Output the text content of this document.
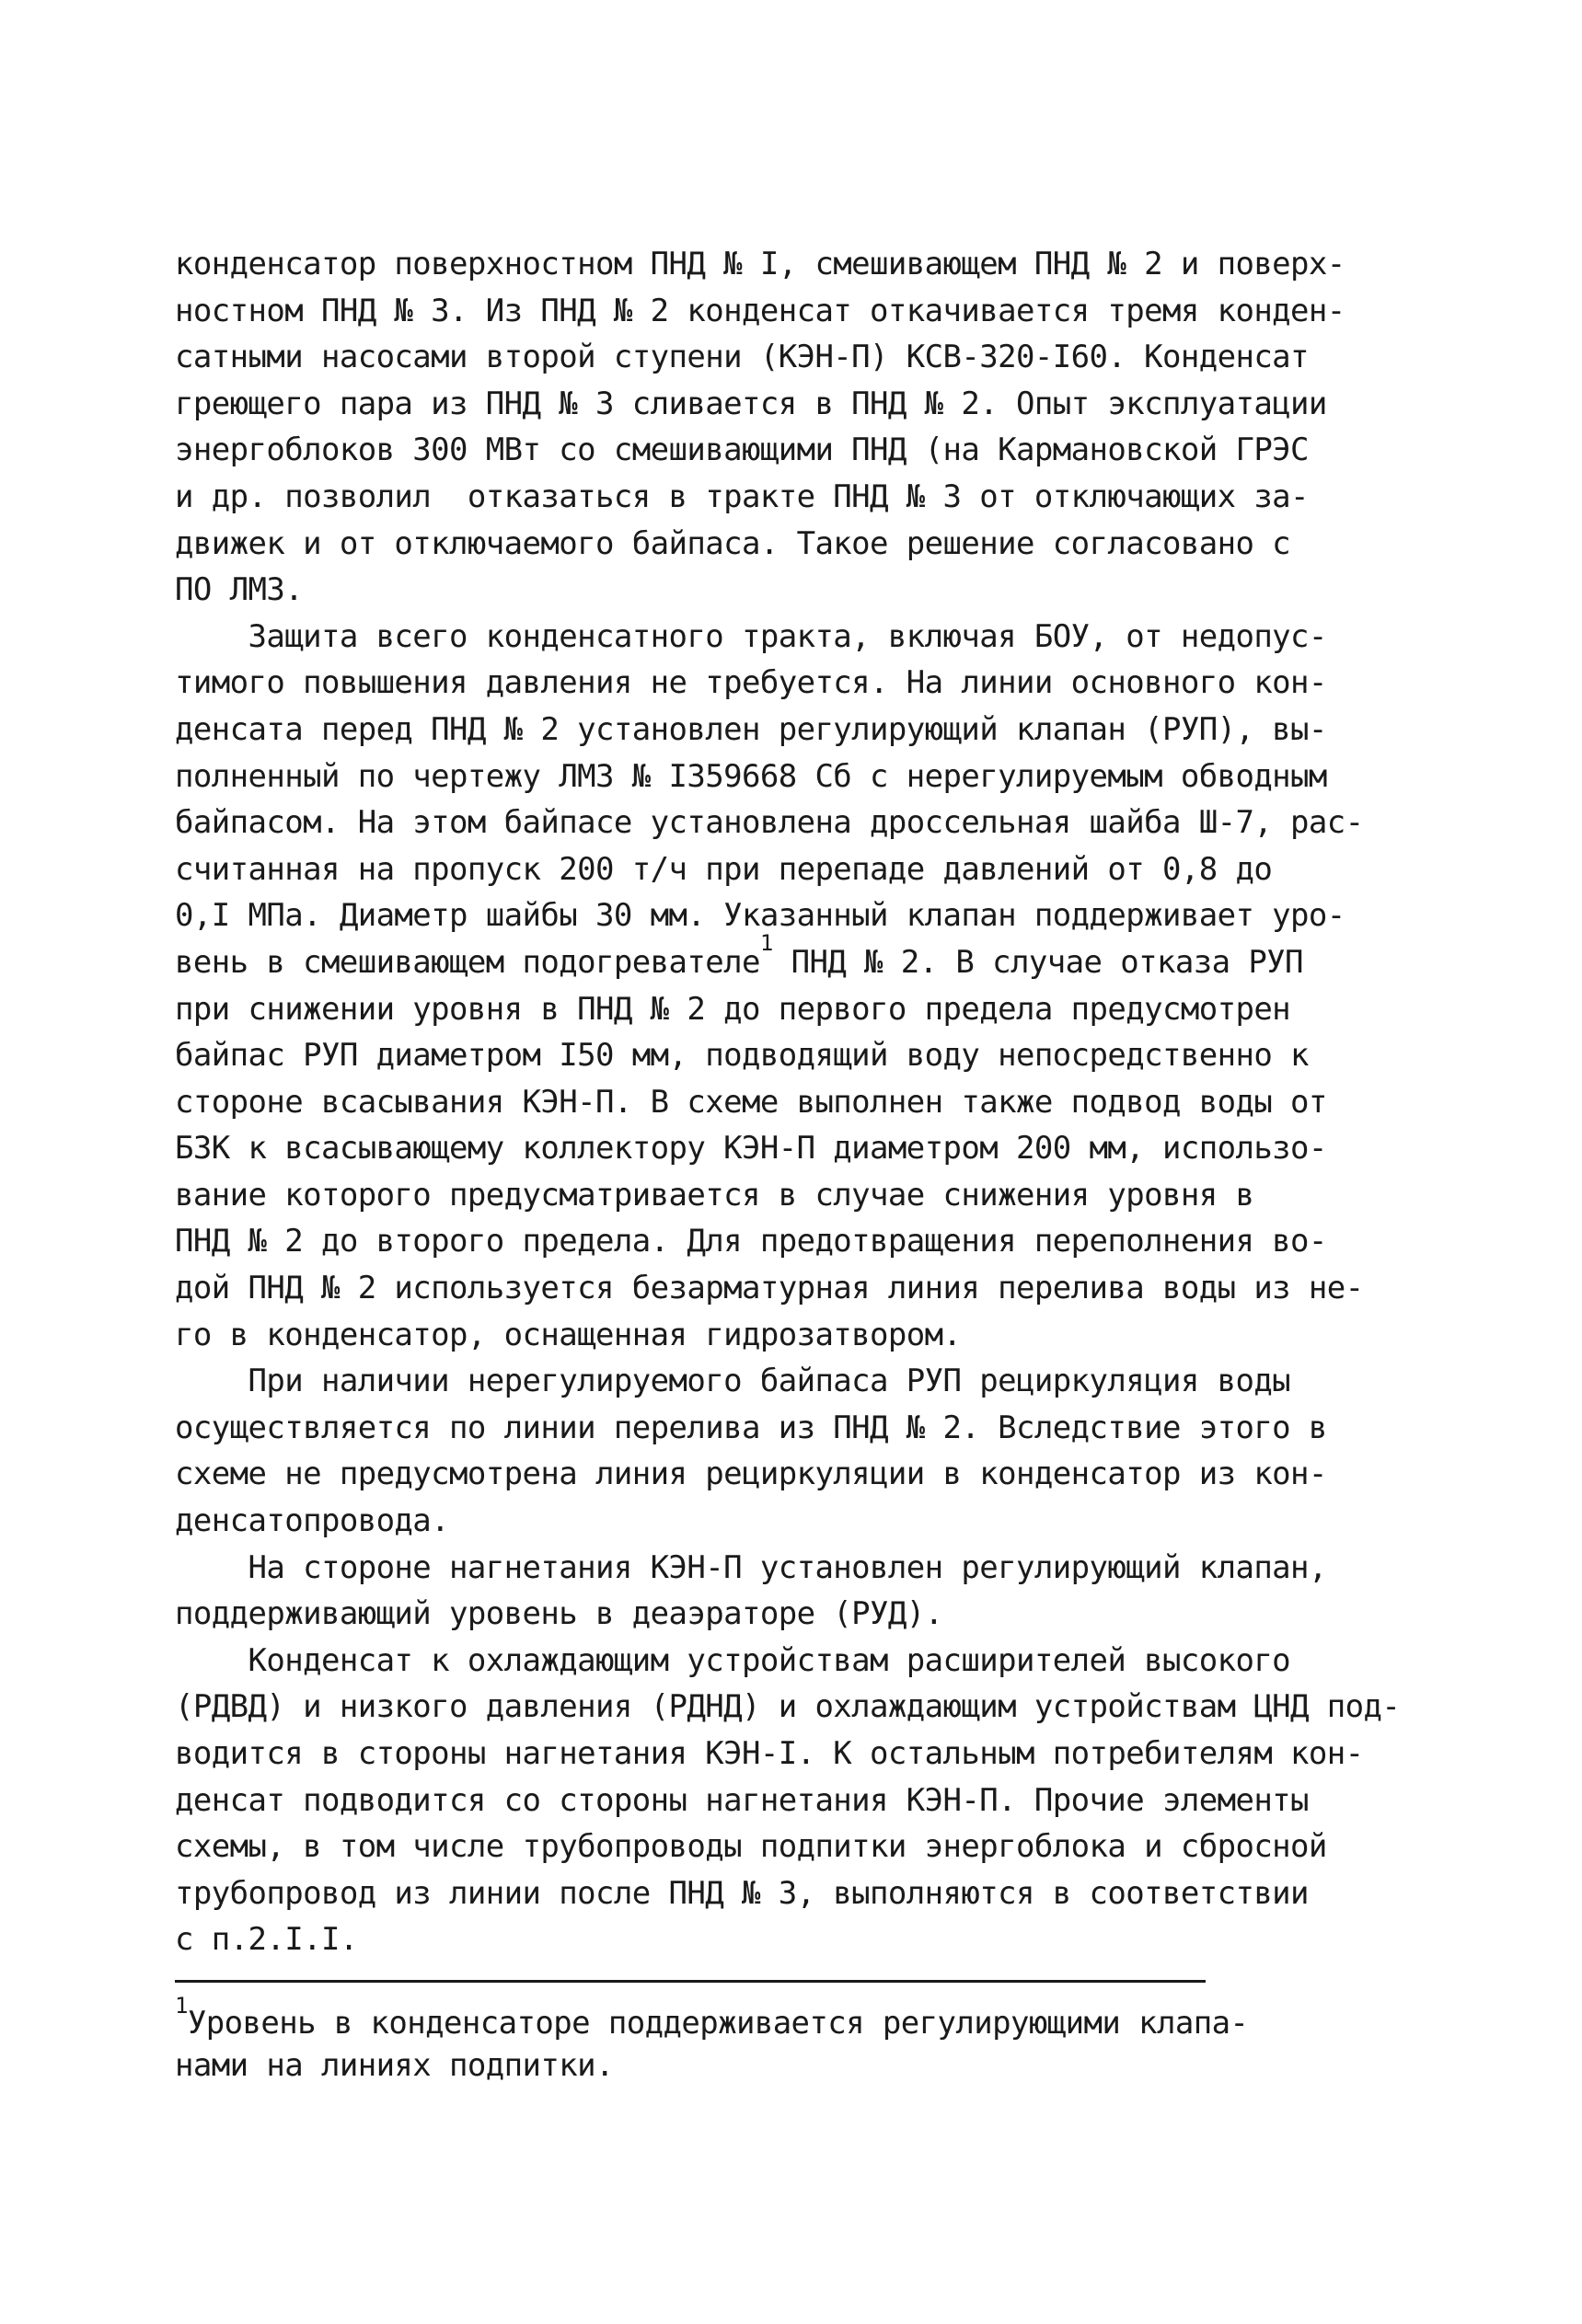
конденсатор поверхностном ПНД № I, смешивающем ПНД № 2 и поверх-
ностном ПНД № 3. Из ПНД № 2 конденсат откачивается тремя конден-
сатными насосами второй ступени (КЭН-П) КСВ-320-I60. Конденсат
греющего пара из ПНД № 3 сливается в ПНД № 2. Опыт эксплуатации
энергоблоков 300 МВт со смешивающими ПНД (на Кармановской ГРЭС
и др. позволил  отказаться в тракте ПНД № 3 от отключающих за-
движек и от отключаемого байпаса. Такое решение согласовано с
ПО ЛМЗ.
Защита всего конденсатного тракта, включая БОУ, от недопус-
тимого повышения давления не требуется. На линии основного кон-
денсата перед ПНД № 2 установлен регулирующий клапан (РУП), вы-
полненный по чертежу ЛМЗ № I359668 Сб с нерегулируемым обводным
байпасом. На этом байпасе установлена дроссельная шайба Ш-7, рас-
считанная на пропуск 200 т/ч при перепаде давлений от 0,8 до
0,I МПа. Диаметр шайбы 30 мм. Указанный клапан поддерживает уро-
вень в смешивающем подогревателе$^1$ ПНД № 2. В случае отказа РУП
при снижении уровня в ПНД № 2 до первого предела предусмотрен
байпас РУП диаметром I50 мм, подводящий воду непосредственно к
стороне всасывания КЭН-П. В схеме выполнен также подвод воды от
БЗК к всасывающему коллектору КЭН-П диаметром 200 мм, использо-
вание которого предусматривается в случае снижения уровня в
ПНД № 2 до второго предела. Для предотвращения переполнения во-
дой ПНД № 2 используется безарматурная линия перелива воды из не-
го в конденсатор, оснащенная гидрозатвором.
При наличии нерегулируемого байпаса РУП рециркуляция воды
осуществляется по линии перелива из ПНД № 2. Вследствие этого в
схеме не предусмотрена линия рециркуляции в конденсатор из кон-
денсатопровода.
На стороне нагнетания КЭН-П установлен регулирующий клапан,
поддерживающий уровень в деаэраторе (РУД).
Конденсат к охлаждающим устройствам расширителей высокого
(РДВД) и низкого давления (РДНД) и охлаждающим устройствам ЦНД под-
водится в стороны нагнетания КЭН-I. К остальным потребителям кон-
денсат подводится со стороны нагнетания КЭН-П. Прочие элементы
схемы, в том числе трубопроводы подпитки энергоблока и сбросной
трубопровод из линии после ПНД № 3, выполняются в соответствии
с п.2.I.I.
$^1$Уровень в конденсаторе поддерживается регулирующими клапа-
нами на линиях подпитки.
